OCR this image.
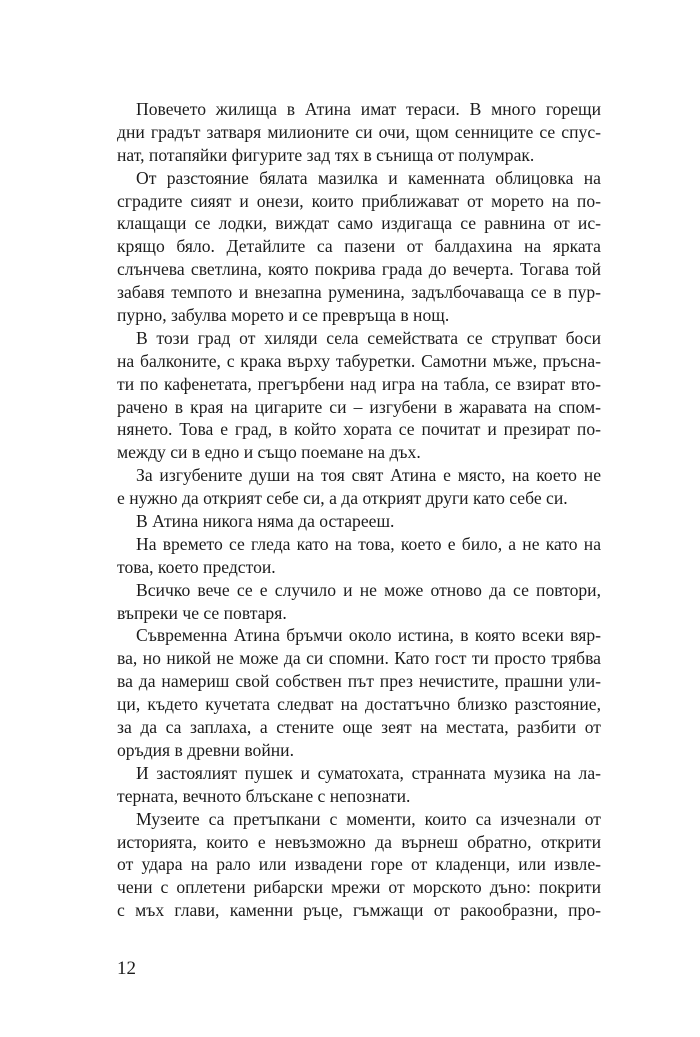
Повечето жилища в Атина имат тераси. В много горещи
дни градът затваря милионите си очи, щом сенниците се спус-
нат, потапяйки фигурите зад тях в сънища от полумрак.
От разстояние бялата мазилка и каменната облицовка на
сградите сияят и онези, които приближават от морето на по-
клащащи се лодки, виждат само издигаща се равнина от ис-
крящо бяло. Детайлите са пазени от балдахина на ярката
слънчева светлина, която покрива града до вечерта. Тогава той
забавя темпото и внезапна руменина, задълбочаваща се в пур-
пурно, забулва морето и се превръща в нощ.
В този град от хиляди села семействата се струпват боси
на балконите, с крака върху табуретки. Самотни мъже, пръсна-
ти по кафенетата, прегърбени над игра на табла, се взират вто-
рачено в края на цигарите си – изгубени в жаравата на спом-
нянето. Това е град, в който хората се почитат и презират по-
между си в едно и също поемане на дъх.
За изгубените души на тоя свят Атина е място, на което не
е нужно да открият себе си, а да открият други като себе си.
В Атина никога няма да остарееш.
На времето се гледа като на това, което е било, а не като на
това, което предстои.
Всичко вече се е случило и не може отново да се повтори,
въпреки че се повтаря.
Съвременна Атина бръмчи около истина, в която всеки вяр-
ва, но никой не може да си спомни. Като гост ти просто трябва
ва да намериш свой собствен път през нечистите, прашни ули-
ци, където кучетата следват на достатъчно близко разстояние,
за да са заплаха, а стените още зеят на местата, разбити от
оръдия в древни войни.
И застоялият пушек и суматохата, странната музика на ла-
терната, вечното блъскане с непознати.
Музеите са претъпкани с моменти, които са изчезнали от
историята, които е невъзможно да върнеш обратно, открити
от удара на рало или извадени горе от кладенци, или извле-
чени с оплетени рибарски мрежи от морското дъно: покрити
с мъх глави, каменни ръце, гъмжащи от ракообразни, про-
12
